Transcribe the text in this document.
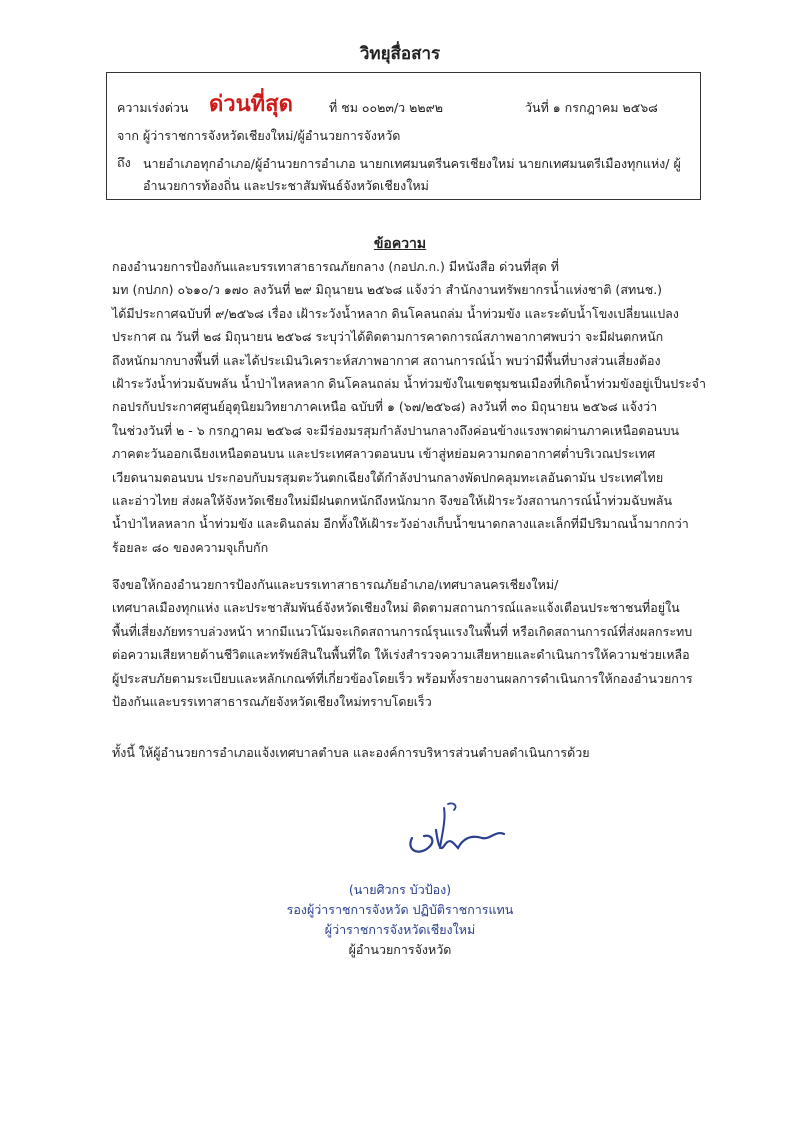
วิทยุสื่อสาร
ความเร่งด่วน ด่วนที่สุด	ที่ ชม ๐๐๒๓/ว ๒๒๙๒	วันที่ ๑ กรกฎาคม ๒๕๖๘
จาก ผู้ว่าราชการจังหวัดเชียงใหม่/ผู้อำนวยการจังหวัด
ถึง นายอำเภอทุกอำเภอ/ผู้อำนวยการอำเภอ นายกเทศมนตรีนครเชียงใหม่ นายกเทศมนตรีเมืองทุกแห่ง/ ผู้อำนวยการท้องถิ่น และประชาสัมพันธ์จังหวัดเชียงใหม่
ข้อความ

กองอำนวยการป้องกันและบรรเทาสาธารณภัยกลาง (กอปภ.ก.) มีหนังสือ ด่วนที่สุด ที่

มท (กปภก) ๐๖๑๐/ว ๑๗๐ ลงวันที่ ๒๙ มิถุนายน ๒๕๖๘ แจ้งว่า สำนักงานทรัพยากรน้ำแห่งชาติ (สทนช.)

ได้มีประกาศฉบับที่ ๙/๒๕๖๘ เรื่อง เฝ้าระวังน้ำหลาก ดินโคลนถล่ม น้ำท่วมขัง และระดับน้ำโขงเปลี่ยนแปลง

ประกาศ ณ วันที่ ๒๘ มิถุนายน ๒๕๖๘ ระบุว่าได้ติดตามการคาดการณ์สภาพอากาศพบว่า จะมีฝนตกหนัก

ถึงหนักมากบางพื้นที่ และได้ประเมินวิเคราะห์สภาพอากาศ สถานการณ์น้ำ พบว่ามีพื้นที่บางส่วนเสี่ยงต้อง

เฝ้าระวังน้ำท่วมฉับพลัน น้ำป่าไหลหลาก ดินโคลนถล่ม น้ำท่วมขังในเขตชุมชนเมืองที่เกิดน้ำท่วมขังอยู่เป็นประจำ

กอปรกับประกาศศูนย์อุตุนิยมวิทยาภาคเหนือ ฉบับที่ ๑ (๖๗/๒๕๖๘) ลงวันที่ ๓๐ มิถุนายน ๒๕๖๘ แจ้งว่า

ในช่วงวันที่ ๒ - ๖ กรกฎาคม ๒๕๖๘ จะมีร่องมรสุมกำลังปานกลางถึงค่อนข้างแรงพาดผ่านภาคเหนือตอนบน

ภาคตะวันออกเฉียงเหนือตอนบน และประเทศลาวตอนบน เข้าสู่หย่อมความกดอากาศต่ำบริเวณประเทศ

เวียดนามตอนบน ประกอบกับมรสุมตะวันตกเฉียงใต้กำลังปานกลางพัดปกคลุมทะเลอันดามัน ประเทศไทย

และอ่าวไทย ส่งผลให้จังหวัดเชียงใหม่มีฝนตกหนักถึงหนักมาก จึงขอให้เฝ้าระวังสถานการณ์น้ำท่วมฉับพลัน

น้ำป่าไหลหลาก น้ำท่วมขัง และดินถล่ม อีกทั้งให้เฝ้าระวังอ่างเก็บน้ำขนาดกลางและเล็กที่มีปริมาณน้ำมากกว่า

ร้อยละ ๘๐ ของความจุเก็บกัก

จึงขอให้กองอำนวยการป้องกันและบรรเทาสาธารณภัยอำเภอ/เทศบาลนครเชียงใหม่/

เทศบาลเมืองทุกแห่ง และประชาสัมพันธ์จังหวัดเชียงใหม่ ติดตามสถานการณ์และแจ้งเตือนประชาชนที่อยู่ใน

พื้นที่เสี่ยงภัยทราบล่วงหน้า หากมีแนวโน้มจะเกิดสถานการณ์รุนแรงในพื้นที่ หรือเกิดสถานการณ์ที่ส่งผลกระทบ

ต่อความเสียหายด้านชีวิตและทรัพย์สินในพื้นที่ใด ให้เร่งสำรวจความเสียหายและดำเนินการให้ความช่วยเหลือ

ผู้ประสบภัยตามระเบียบและหลักเกณฑ์ที่เกี่ยวข้องโดยเร็ว พร้อมทั้งรายงานผลการดำเนินการให้กองอำนวยการ

ป้องกันและบรรเทาสาธารณภัยจังหวัดเชียงใหม่ทราบโดยเร็ว

ทั้งนี้ ให้ผู้อำนวยการอำเภอแจ้งเทศบาลตำบล และองค์การบริหารส่วนตำบลดำเนินการด้วย

(นายศิวกร บัวป้อง)
รองผู้ว่าราชการจังหวัด ปฏิบัติราชการแทน
ผู้ว่าราชการจังหวัดเชียงใหม่
ผู้อำนวยการจังหวัด
